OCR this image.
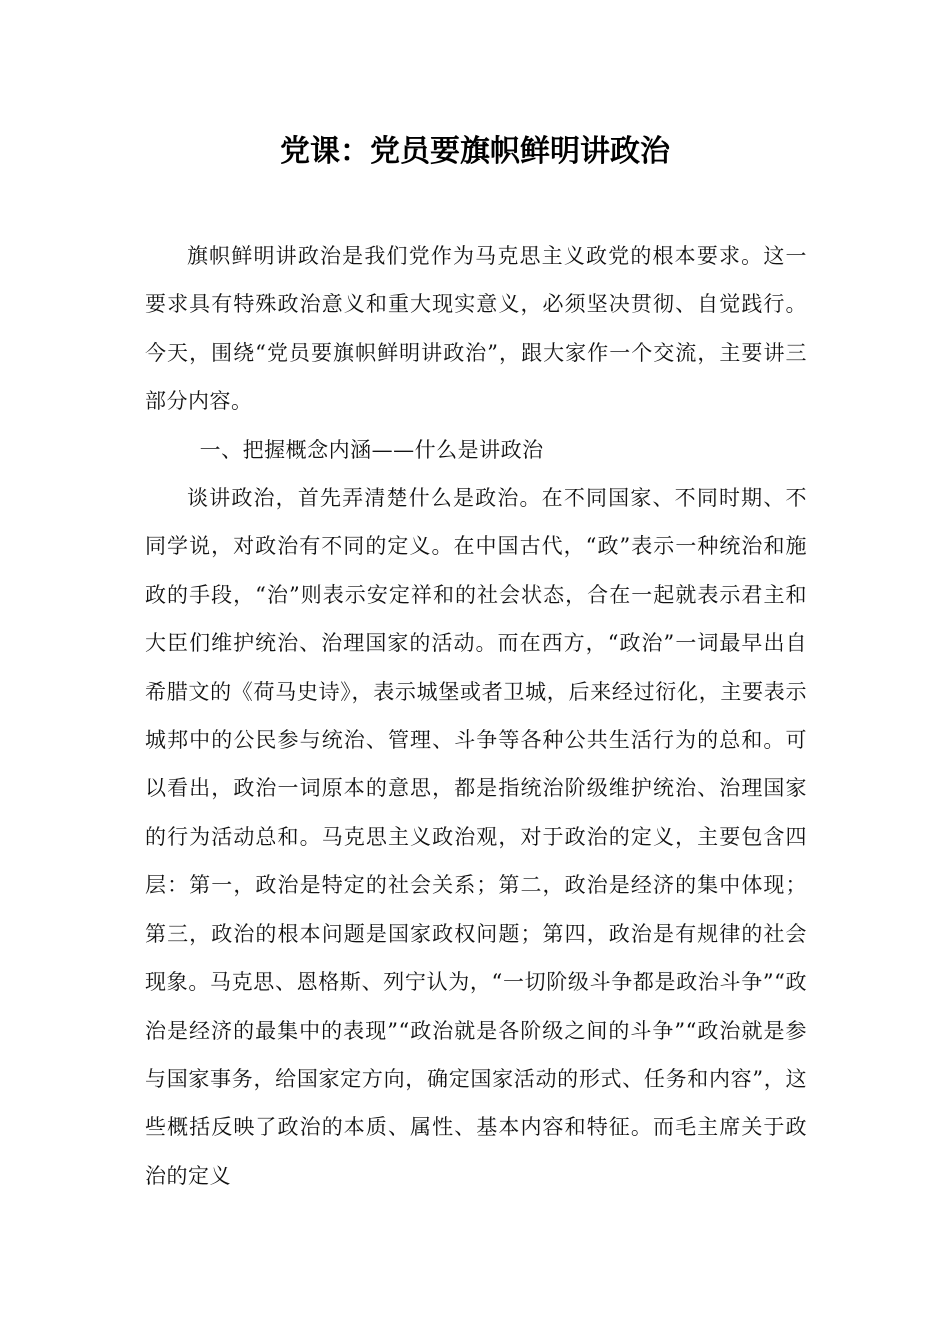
党课：党员要旗帜鲜明讲政治

旗帜鲜明讲政治是我们党作为马克思主义政党的根本要求。这一要求具有特殊政治意义和重大现实意义，必须坚决贯彻、自觉践行。今天，围绕“党员要旗帜鲜明讲政治”，跟大家作一个交流，主要讲三部分内容。

一、把握概念内涵——什么是讲政治

谈讲政治，首先弄清楚什么是政治。在不同国家、不同时期、不同学说，对政治有不同的定义。在中国古代，“政”表示一种统治和施政的手段，“治”则表示安定祥和的社会状态，合在一起就表示君主和大臣们维护统治、治理国家的活动。而在西方，“政治”一词最早出自希腊文的《荷马史诗》，表示城堡或者卫城，后来经过衍化，主要表示城邦中的公民参与统治、管理、斗争等各种公共生活行为的总和。可以看出，政治一词原本的意思，都是指统治阶级维护统治、治理国家的行为活动总和。马克思主义政治观，对于政治的定义，主要包含四层：第一，政治是特定的社会关系；第二，政治是经济的集中体现；第三，政治的根本问题是国家政权问题；第四，政治是有规律的社会现象。马克思、恩格斯、列宁认为，“一切阶级斗争都是政治斗争”“政治是经济的最集中的表现”“政治就是各阶级之间的斗争”“政治就是参与国家事务，给国家定方向，确定国家活动的形式、任务和内容”，这些概括反映了政治的本质、属性、基本内容和特征。而毛主席关于政治的定义
